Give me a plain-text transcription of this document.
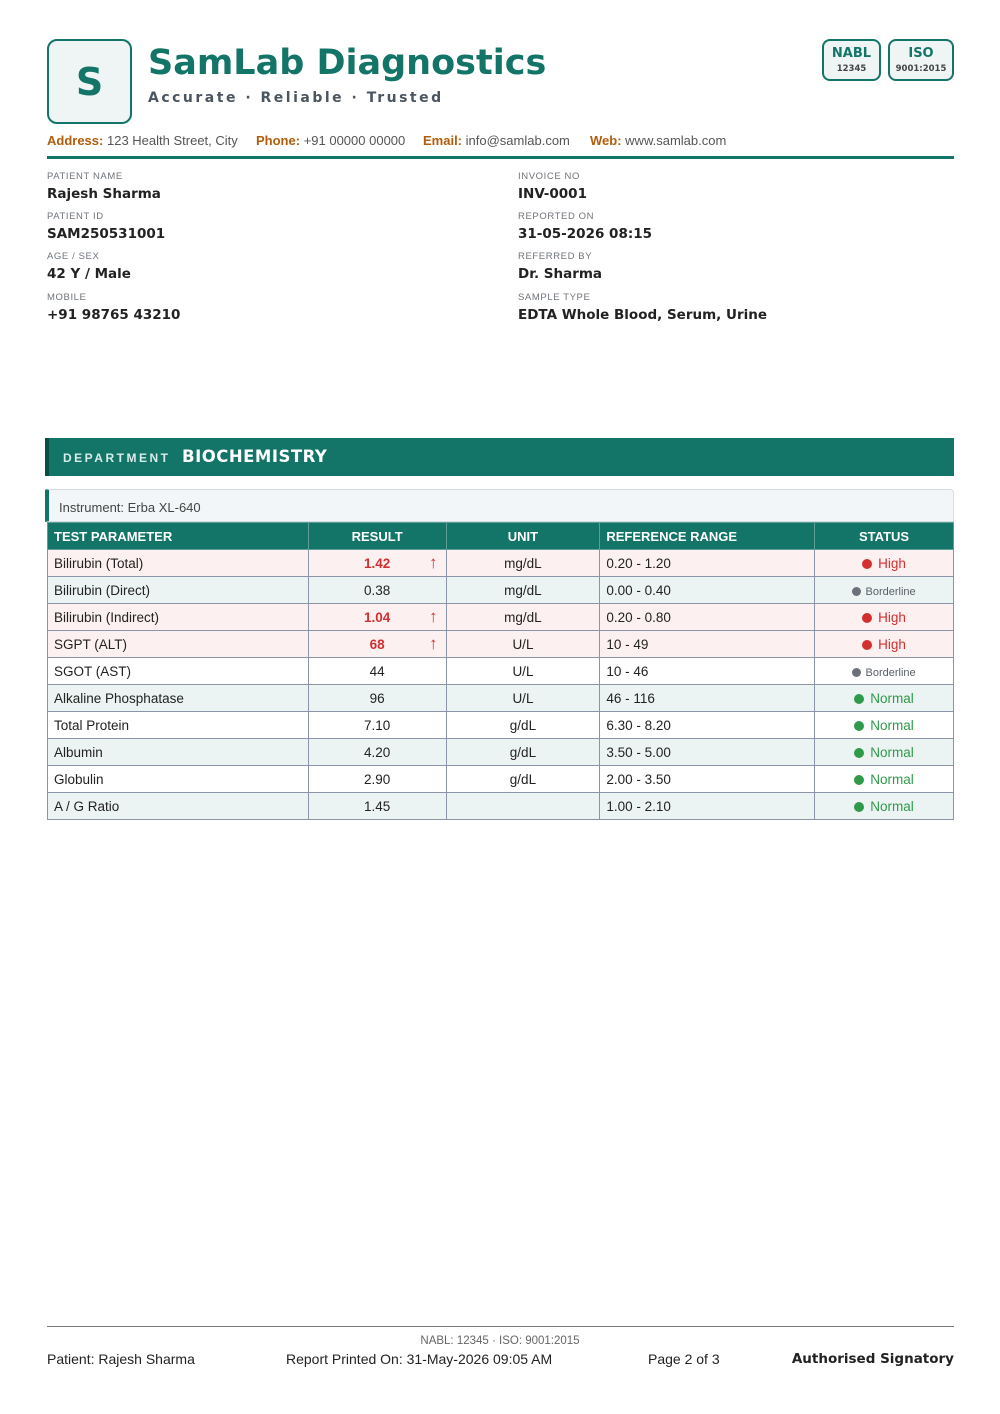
S SamLab Diagnostics
Accurate · Reliable · Trusted
NABL
12345
ISO
9001:2015
Address: 123 Health Street, City Phone: +91 00000 00000 Email: info@samlab.com Web: www.samlab.com
PATIENT NAME
Rajesh Sharma
PATIENT ID
SAM250531001
AGE / SEX
42 Y / Male
MOBILE
+91 98765 43210
INVOICE NO
INV-0001
REPORTED ON
31-05-2026 08:15
REFERRED BY
Dr. Sharma
SAMPLE TYPE
EDTA Whole Blood, Serum, Urine
DEPARTMENT BIOCHEMISTRY
Instrument: Erba XL-640
TEST PARAMETER	RESULT	UNIT	REFERENCE RANGE	STATUS
Bilirubin (Total)	1.42 ↑	mg/dL	0.20 - 1.20	High
Bilirubin (Direct)	0.38	mg/dL	0.00 - 0.40	Borderline
Bilirubin (Indirect)	1.04 ↑	mg/dL	0.20 - 0.80	High
SGPT (ALT)	68 ↑	U/L	10 - 49	High
SGOT (AST)	44	U/L	10 - 46	Borderline
Alkaline Phosphatase	96	U/L	46 - 116	Normal
Total Protein	7.10	g/dL	6.30 - 8.20	Normal
Albumin	4.20	g/dL	3.50 - 5.00	Normal
Globulin	2.90	g/dL	2.00 - 3.50	Normal
A / G Ratio	1.45		1.00 - 2.10	Normal
NABL: 12345 · ISO: 9001:2015
Patient: Rajesh Sharma	Report Printed On: 31-May-2026 09:05 AM	Page 2 of 3	Authorised Signatory
